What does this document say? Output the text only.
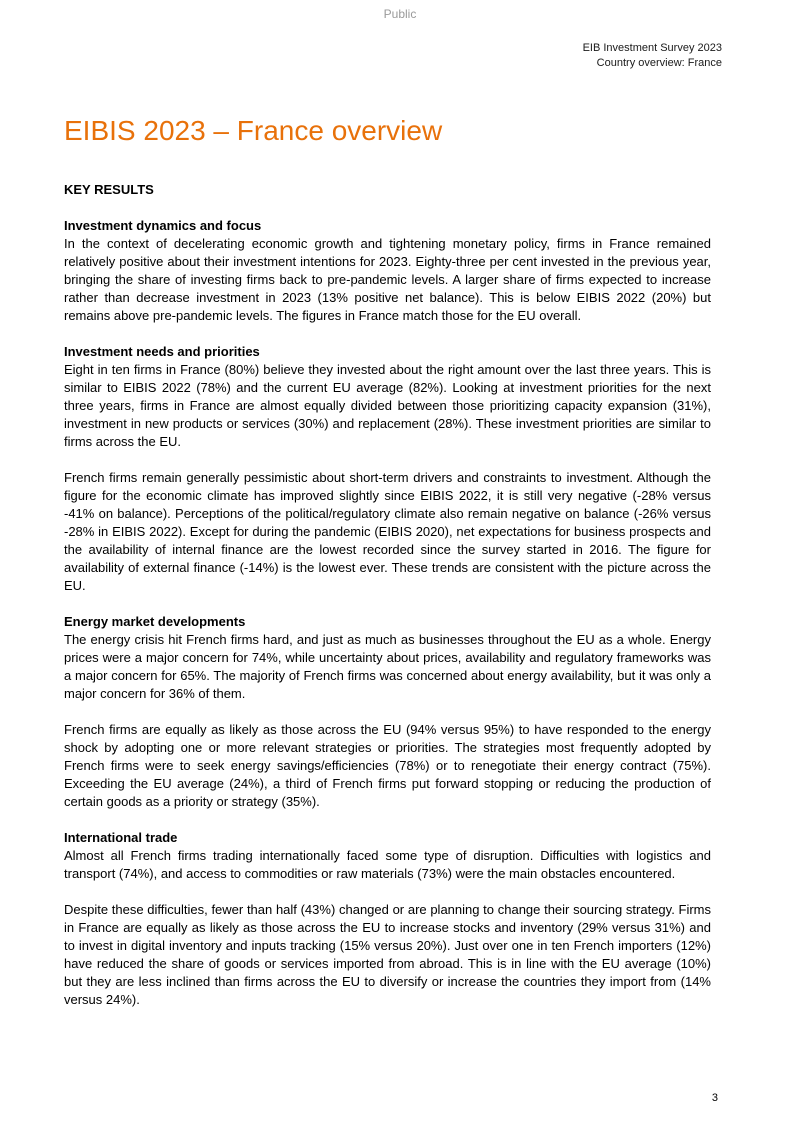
Public
EIB Investment Survey 2023
Country overview: France
EIBIS 2023 – France overview
KEY RESULTS
Investment dynamics and focus

In the context of decelerating economic growth and tightening monetary policy, firms in France remained relatively positive about their investment intentions for 2023. Eighty-three per cent invested in the previous year, bringing the share of investing firms back to pre-pandemic levels. A larger share of firms expected to increase rather than decrease investment in 2023 (13% positive net balance). This is below EIBIS 2022 (20%) but remains above pre-pandemic levels. The figures in France match those for the EU overall.

Investment needs and priorities

Eight in ten firms in France (80%) believe they invested about the right amount over the last three years. This is similar to EIBIS 2022 (78%) and the current EU average (82%). Looking at investment priorities for the next three years, firms in France are almost equally divided between those prioritizing capacity expansion (31%), investment in new products or services (30%) and replacement (28%). These investment priorities are similar to firms across the EU.

French firms remain generally pessimistic about short-term drivers and constraints to investment. Although the figure for the economic climate has improved slightly since EIBIS 2022, it is still very negative (-28% versus -41% on balance). Perceptions of the political/regulatory climate also remain negative on balance (-26% versus -28% in EIBIS 2022). Except for during the pandemic (EIBIS 2020), net expectations for business prospects and the availability of internal finance are the lowest recorded since the survey started in 2016. The figure for availability of external finance (-14%) is the lowest ever. These trends are consistent with the picture across the EU.

Energy market developments

The energy crisis hit French firms hard, and just as much as businesses throughout the EU as a whole. Energy prices were a major concern for 74%, while uncertainty about prices, availability and regulatory frameworks was a major concern for 65%. The majority of French firms was concerned about energy availability, but it was only a major concern for 36% of them.

French firms are equally as likely as those across the EU (94% versus 95%) to have responded to the energy shock by adopting one or more relevant strategies or priorities. The strategies most frequently adopted by French firms were to seek energy savings/efficiencies (78%) or to renegotiate their energy contract (75%). Exceeding the EU average (24%), a third of French firms put forward stopping or reducing the production of certain goods as a priority or strategy (35%).

International trade

Almost all French firms trading internationally faced some type of disruption. Difficulties with logistics and transport (74%), and access to commodities or raw materials (73%) were the main obstacles encountered.

Despite these difficulties, fewer than half (43%) changed or are planning to change their sourcing strategy. Firms in France are equally as likely as those across the EU to increase stocks and inventory (29% versus 31%) and to invest in digital inventory and inputs tracking (15% versus 20%). Just over one in ten French importers (12%) have reduced the share of goods or services imported from abroad. This is in line with the EU average (10%) but they are less inclined than firms across the EU to diversify or increase the countries they import from (14% versus 24%).

3
